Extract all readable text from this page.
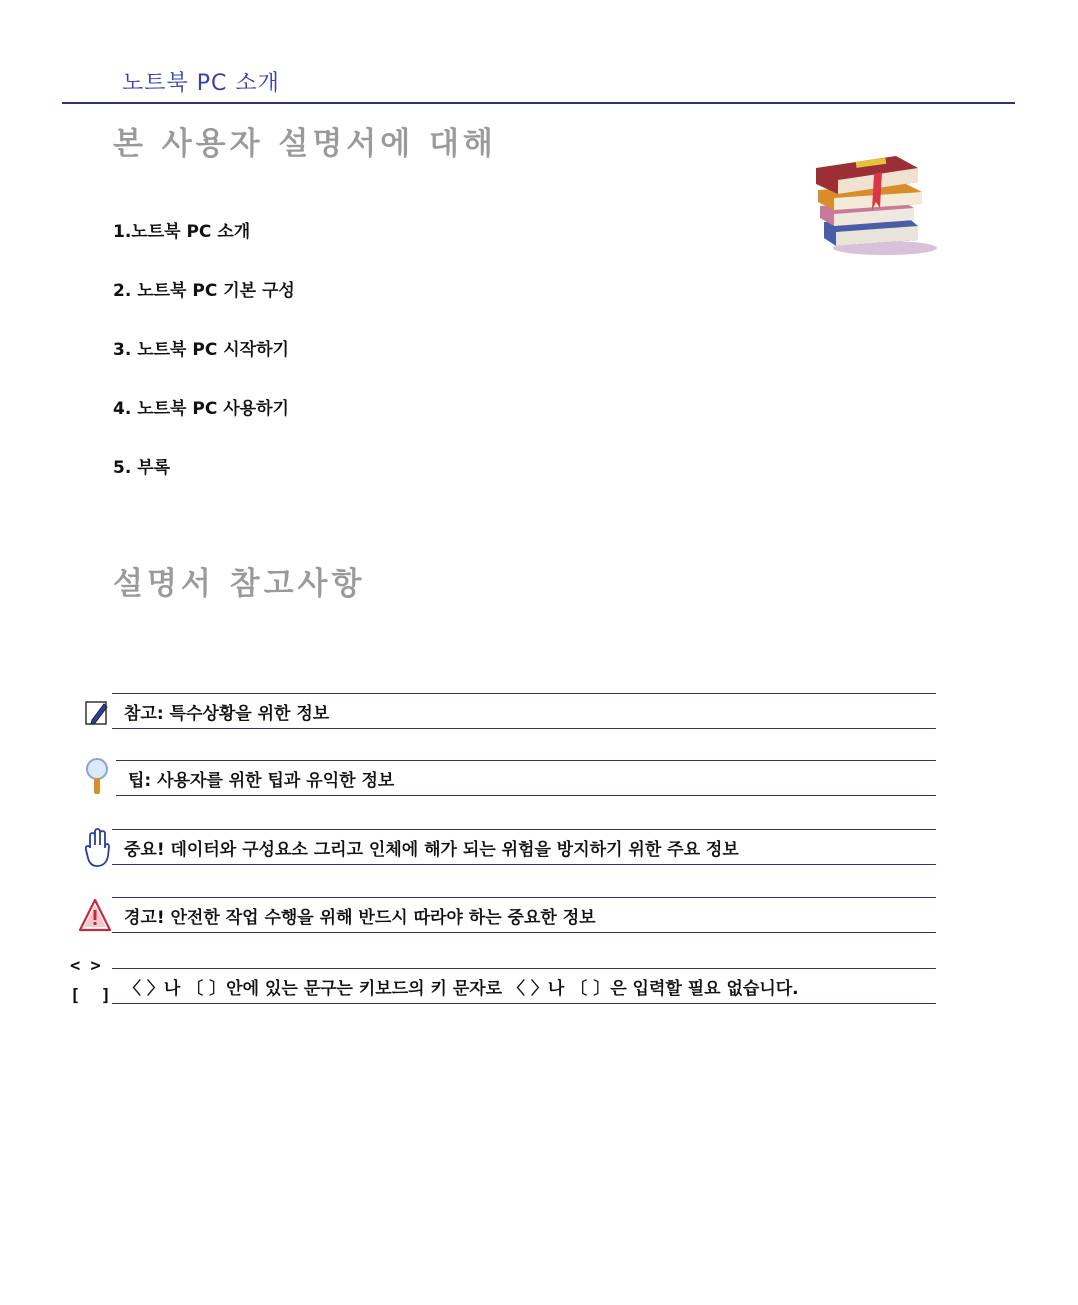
노트북 PC 소개
본 사용자 설명서에 대해
1.노트북 PC 소개
2. 노트북 PC 기본 구성
3. 노트북 PC 시작하기
4. 노트북 PC 사용하기
5. 부록
설명서 참고사항
참고: 특수상황을 위한 정보
팁: 사용자를 위한 팁과 유익한 정보
중요! 데이터와 구성요소 그리고 인체에 해가 되는 위험을 방지하기 위한 주요 정보
경고! 안전한 작업 수행을 위해 반드시 따라야 하는 중요한 정보
< >
[  ] 〈 〉나 〔 〕안에 있는 문구는 키보드의 키 문자로 〈 〉나 〔 〕은 입력할 필요 없습니다.
